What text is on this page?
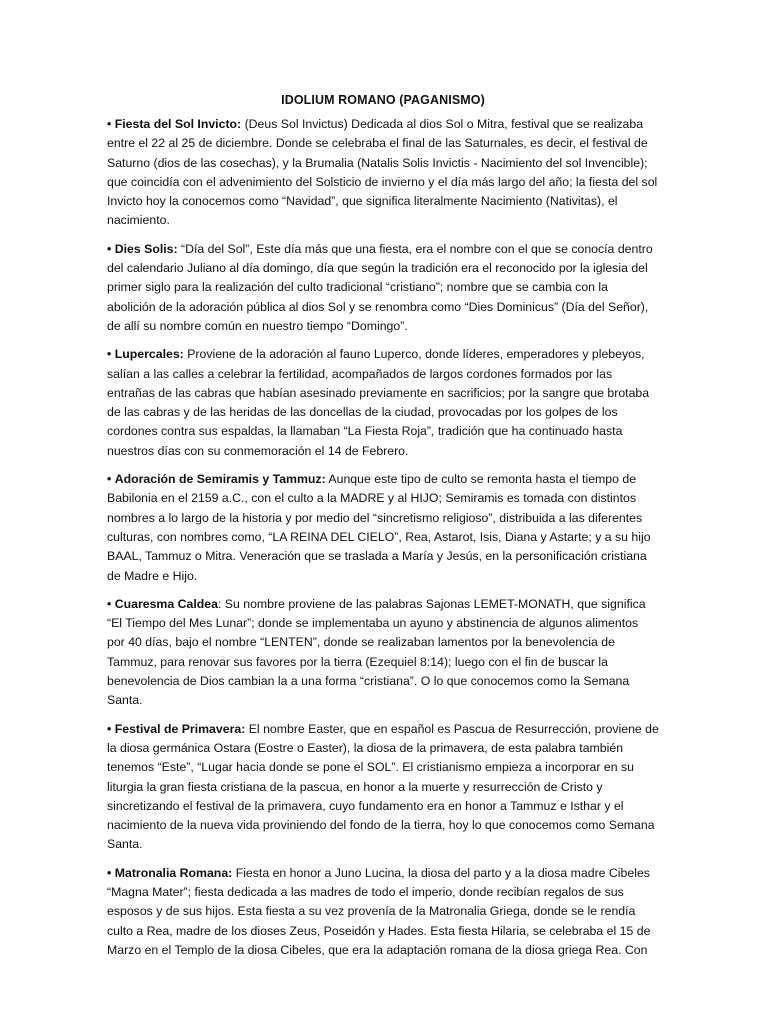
IDOLIUM ROMANO (PAGANISMO)

• Fiesta del Sol Invicto: (Deus Sol Invictus) Dedicada al dios Sol o Mitra, festival que se realizaba entre el 22 al 25 de diciembre. Donde se celebraba el final de las Saturnales, es decir, el festival de Saturno (dios de las cosechas), y la Brumalia (Natalis Solis Invictis - Nacimiento del sol Invencible); que coincidía con el advenimiento del Solsticio de invierno y el día más largo del año; la fiesta del sol Invicto hoy la conocemos como “Navidad”, que significa literalmente Nacimiento (Nativitas), el nacimiento.

• Dies Solis: “Día del Sol”, Este día más que una fiesta, era el nombre con el que se conocía dentro del calendario Juliano al día domingo, día que según la tradición era el reconocido por la iglesia del primer siglo para la realización del culto tradicional “cristiano”; nombre que se cambia con la abolición de la adoración pública al dios Sol y se renombra como “Dies Dominicus” (Día del Señor), de allí su nombre común en nuestro tiempo “Domingo”.

• Lupercales: Proviene de la adoración al fauno Luperco, donde líderes, emperadores y plebeyos, salían a las calles a celebrar la fertilidad, acompañados de largos cordones formados por las entrañas de las cabras que habían asesinado previamente en sacrificios; por la sangre que brotaba de las cabras y de las heridas de las doncellas de la ciudad, provocadas por los golpes de los cordones contra sus espaldas, la llamaban “La Fiesta Roja”, tradición que ha continuado hasta nuestros días con su conmemoración el 14 de Febrero.

• Adoración de Semiramis y Tammuz: Aunque este tipo de culto se remonta hasta el tiempo de Babilonia en el 2159 a.C., con el culto a la MADRE y al HIJO; Semiramis es tomada con distintos nombres a lo largo de la historia y por medio del “sincretismo religioso”, distribuida a las diferentes culturas, con nombres como, “LA REINA DEL CIELO”, Rea, Astarot, Isis, Diana y Astarte; y a su hijo BAAL, Tammuz o Mitra. Veneración que se traslada a María y Jesús, en la personificación cristiana de Madre e Hijo.

• Cuaresma Caldea: Su nombre proviene de las palabras Sajonas LEMET-MONATH, que significa “El Tiempo del Mes Lunar”; donde se implementaba un ayuno y abstinencia de algunos alimentos por 40 días, bajo el nombre “LENTEN”, donde se realizaban lamentos por la benevolencia de Tammuz, para renovar sus favores por la tierra (Ezequiel 8:14); luego con el fin de buscar la benevolencia de Dios cambian la a una forma “cristiana”. O lo que conocemos como la Semana Santa.

• Festival de Primavera: El nombre Easter, que en español es Pascua de Resurrección, proviene de la diosa germánica Ostara (Eostre o Easter), la diosa de la primavera, de esta palabra también tenemos “Este”, “Lugar hacia donde se pone el SOL”. El cristianismo empieza a incorporar en su liturgia la gran fiesta cristiana de la pascua, en honor a la muerte y resurrección de Cristo y sincretizando el festival de la primavera, cuyo fundamento era en honor a Tammuz e Isthar y el nacimiento de la nueva vida proviniendo del fondo de la tierra, hoy lo que conocemos como Semana Santa.

• Matronalia Romana: Fiesta en honor a Juno Lucina, la diosa del parto y a la diosa madre Cibeles “Magna Mater”; fiesta dedicada a las madres de todo el imperio, donde recibían regalos de sus esposos y de sus hijos. Esta fiesta a su vez provenía de la Matronalia Griega, donde se le rendía culto a Rea, madre de los dioses Zeus, Poseidón y Hades. Esta fiesta Hilaria, se celebraba el 15 de Marzo en el Templo de la diosa Cibeles, que era la adaptación romana de la diosa griega Rea. Con
